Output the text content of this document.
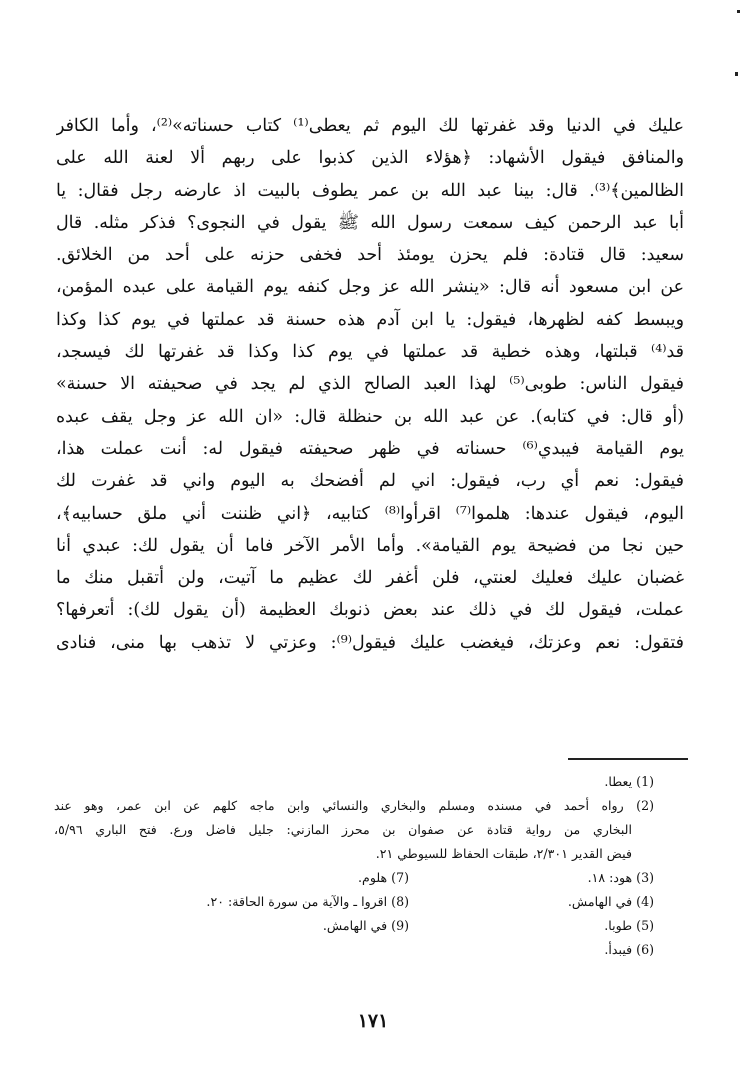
عليك في الدنيا وقد غفرتها لك اليوم ثم يعطى⁽¹⁾ كتاب حسناته»⁽²⁾، وأما الكافر
والمنافق فيقول الأشهاد: ﴿هؤلاء الذين كذبوا على ربهم ألا لعنة الله على
الظالمين﴾⁽³⁾. قال: بينا عبد الله بن عمر يطوف بالبيت اذ عارضه رجل فقال: يا
أبا عبد الرحمن كيف سمعت رسول الله ﷺ يقول في النجوى؟ فذكر مثله. قال
سعيد: قال قتادة: فلم يحزن يومئذ أحد فخفى حزنه على أحد من الخلائق.
عن ابن مسعود أنه قال: «ينشر الله عز وجل كنفه يوم القيامة على عبده المؤمن،
ويبسط كفه لظهرها، فيقول: يا ابن آدم هذه حسنة قد عملتها في يوم كذا وكذا
قد⁽⁴⁾ قبلتها، وهذه خطية قد عملتها في يوم كذا وكذا قد غفرتها لك فيسجد،
فيقول الناس: طوبى⁽⁵⁾ لهذا العبد الصالح الذي لم يجد في صحيفته الا حسنة»
(أو قال: في كتابه). عن عبد الله بن حنظلة قال: «ان الله عز وجل يقف عبده
يوم القيامة فيبدي⁽⁶⁾ حسناته في ظهر صحيفته فيقول له: أنت عملت هذا،
فيقول: نعم أي رب، فيقول: اني لم أفضحك به اليوم واني قد غفرت لك
اليوم، فيقول عندها: هلموا⁽⁷⁾ اقرأوا⁽⁸⁾ كتابيه، ﴿اني ظننت أني ملق حسابيه﴾،
حين نجا من فضيحة يوم القيامة». وأما الأمر الآخر فاما أن يقول لك: عبدي أنا
غضبان عليك فعليك لعنتي، فلن أغفر لك عظيم ما آتيت، ولن أتقبل منك ما
عملت، فيقول لك في ذلك عند بعض ذنوبك العظيمة (أن يقول لك): أتعرفها؟
فتقول: نعم وعزتك، فيغضب عليك فيقول⁽⁹⁾: وعزتي لا تذهب بها منى، فنادى
(1) يعطا.
(2) رواه أحمد في مسنده ومسلم والبخاري والنسائي وابن ماجه كلهم عن ابن عمر، وهو عند
البخاري من رواية قتادة عن صفوان بن محرز المازني: جليل فاضل ورع. فتح الباري ٥/٩٦،
فيض القدير ٢/٣٠١، طبقات الحفاظ للسيوطي ٢١.
(3) هود: ١٨.
(4) في الهامش.
(5) طوبا.
(6) فيبدأ.
(7) هلوم.
(8) اقروا ـ والآية من سورة الحاقة: ٢٠.
(9) في الهامش.
١٧١
